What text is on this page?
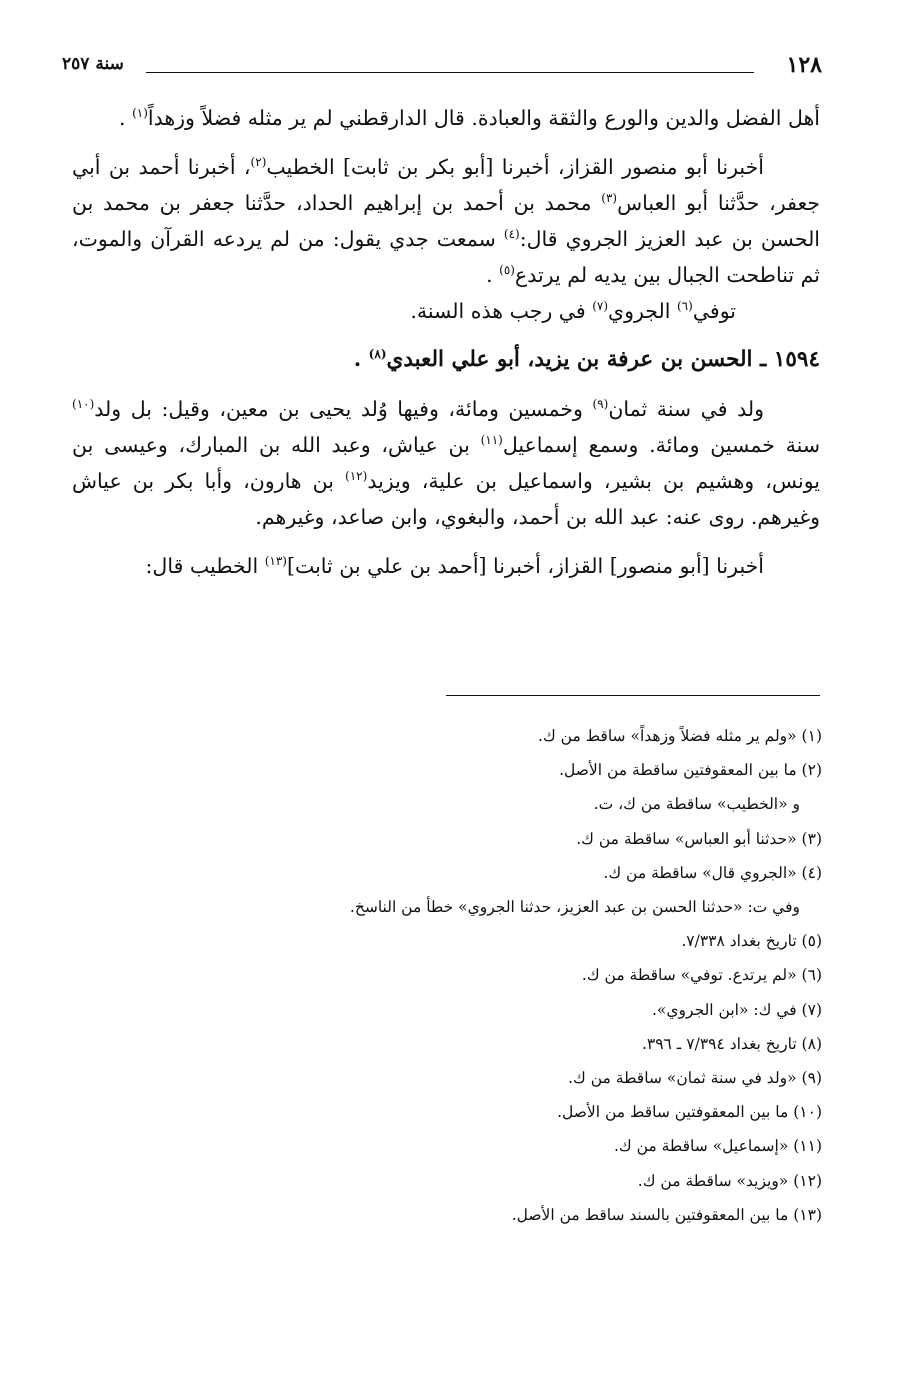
١٢٨
سنة ٢٥٧

أهل الفضل والدين والورع والثقة والعبادة. قال الدارقطني لم ير مثله فضلاً وزهداً$^{(١)}$ .

أخبرنا أبو منصور القزاز، أخبرنا [أبو بكر بن ثابت] الخطيب$^{(٢)}$، أخبرنا أحمد بن أبي جعفر، حدَّثنا أبو العباس$^{(٣)}$ محمد بن أحمد بن إبراهيم الحداد، حدَّثنا جعفر بن محمد بن الحسن بن عبد العزيز الجروي قال:$^{(٤)}$ سمعت جدي يقول: من لم يردعه القرآن والموت، ثم تناطحت الجبال بين يديه لم يرتدع$^{(٥)}$ .

توفي$^{(٦)}$ الجروي$^{(٧)}$ في رجب هذه السنة.

١٥٩٤ ـ الحسن بن عرفة بن يزيد، أبو علي العبدي$^{(٨)}$ .

ولد في سنة ثمان$^{(٩)}$ وخمسين ومائة، وفيها وُلد يحيى بن معين، وقيل: بل ولد$^{(١٠)}$ سنة خمسين ومائة. وسمع إسماعيل$^{(١١)}$ بن عياش، وعبد الله بن المبارك، وعيسى بن يونس، وهشيم بن بشير، واسماعيل بن علية، ويزيد$^{(١٢)}$ بن هارون، وأبا بكر بن عياش وغيرهم. روى عنه: عبد الله بن أحمد، والبغوي، وابن صاعد، وغيرهم.

أخبرنا [أبو منصور] القزاز، أخبرنا [أحمد بن علي بن ثابت]$^{(١٣)}$ الخطيب قال:

(١) «ولم ير مثله فضلاً وزهداً» ساقط من ك.

(٢) ما بين المعقوفتين ساقطة من الأصل.

و «الخطيب» ساقطة من ك، ت.

(٣) «حدثنا أبو العباس» ساقطة من ك.

(٤) «الجروي قال» ساقطة من ك.

وفي ت: «حدثنا الحسن بن عبد العزيز، حدثنا الجروي» خطأ من الناسخ.

(٥) تاريخ بغداد ٧/٣٣٨.

(٦) «لم يرتدع. توفي» ساقطة من ك.

(٧) في ك: «ابن الجروي».

(٨) تاريخ بغداد ٧/٣٩٤ ـ ٣٩٦.

(٩) «ولد في سنة ثمان» ساقطة من ك.

(١٠) ما بين المعقوفتين ساقط من الأصل.

(١١) «إسماعيل» ساقطة من ك.

(١٢) «ويزيد» ساقطة من ك.

(١٣) ما بين المعقوفتين بالسند ساقط من الأصل.
